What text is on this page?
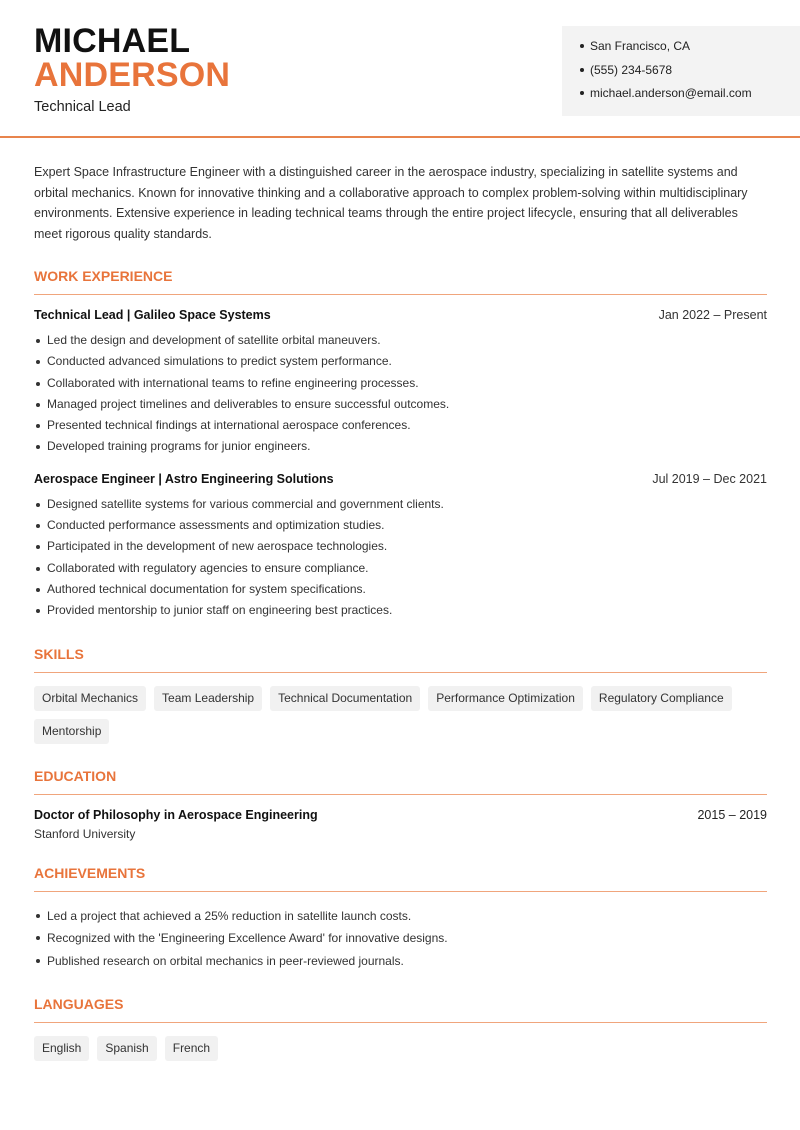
MICHAEL
ANDERSON
Technical Lead
San Francisco, CA
(555) 234-5678
michael.anderson@email.com

Expert Space Infrastructure Engineer with a distinguished career in the aerospace industry, specializing in satellite systems and orbital mechanics. Known for innovative thinking and a collaborative approach to complex problem-solving within multidisciplinary environments. Extensive experience in leading technical teams through the entire project lifecycle, ensuring that all deliverables meet rigorous quality standards.

WORK EXPERIENCE
Technical Lead | Galileo Space Systems	Jan 2022 – Present
Led the design and development of satellite orbital maneuvers.
Conducted advanced simulations to predict system performance.
Collaborated with international teams to refine engineering processes.
Managed project timelines and deliverables to ensure successful outcomes.
Presented technical findings at international aerospace conferences.
Developed training programs for junior engineers.
Aerospace Engineer | Astro Engineering Solutions	Jul 2019 – Dec 2021
Designed satellite systems for various commercial and government clients.
Conducted performance assessments and optimization studies.
Participated in the development of new aerospace technologies.
Collaborated with regulatory agencies to ensure compliance.
Authored technical documentation for system specifications.
Provided mentorship to junior staff on engineering best practices.
SKILLS
Orbital Mechanics	Team Leadership	Technical Documentation	Performance Optimization	Regulatory Compliance
Mentorship
EDUCATION
Doctor of Philosophy in Aerospace Engineering	2015 – 2019
Stanford University
ACHIEVEMENTS
Led a project that achieved a 25% reduction in satellite launch costs.
Recognized with the 'Engineering Excellence Award' for innovative designs.
Published research on orbital mechanics in peer-reviewed journals.
LANGUAGES
English	Spanish	French
